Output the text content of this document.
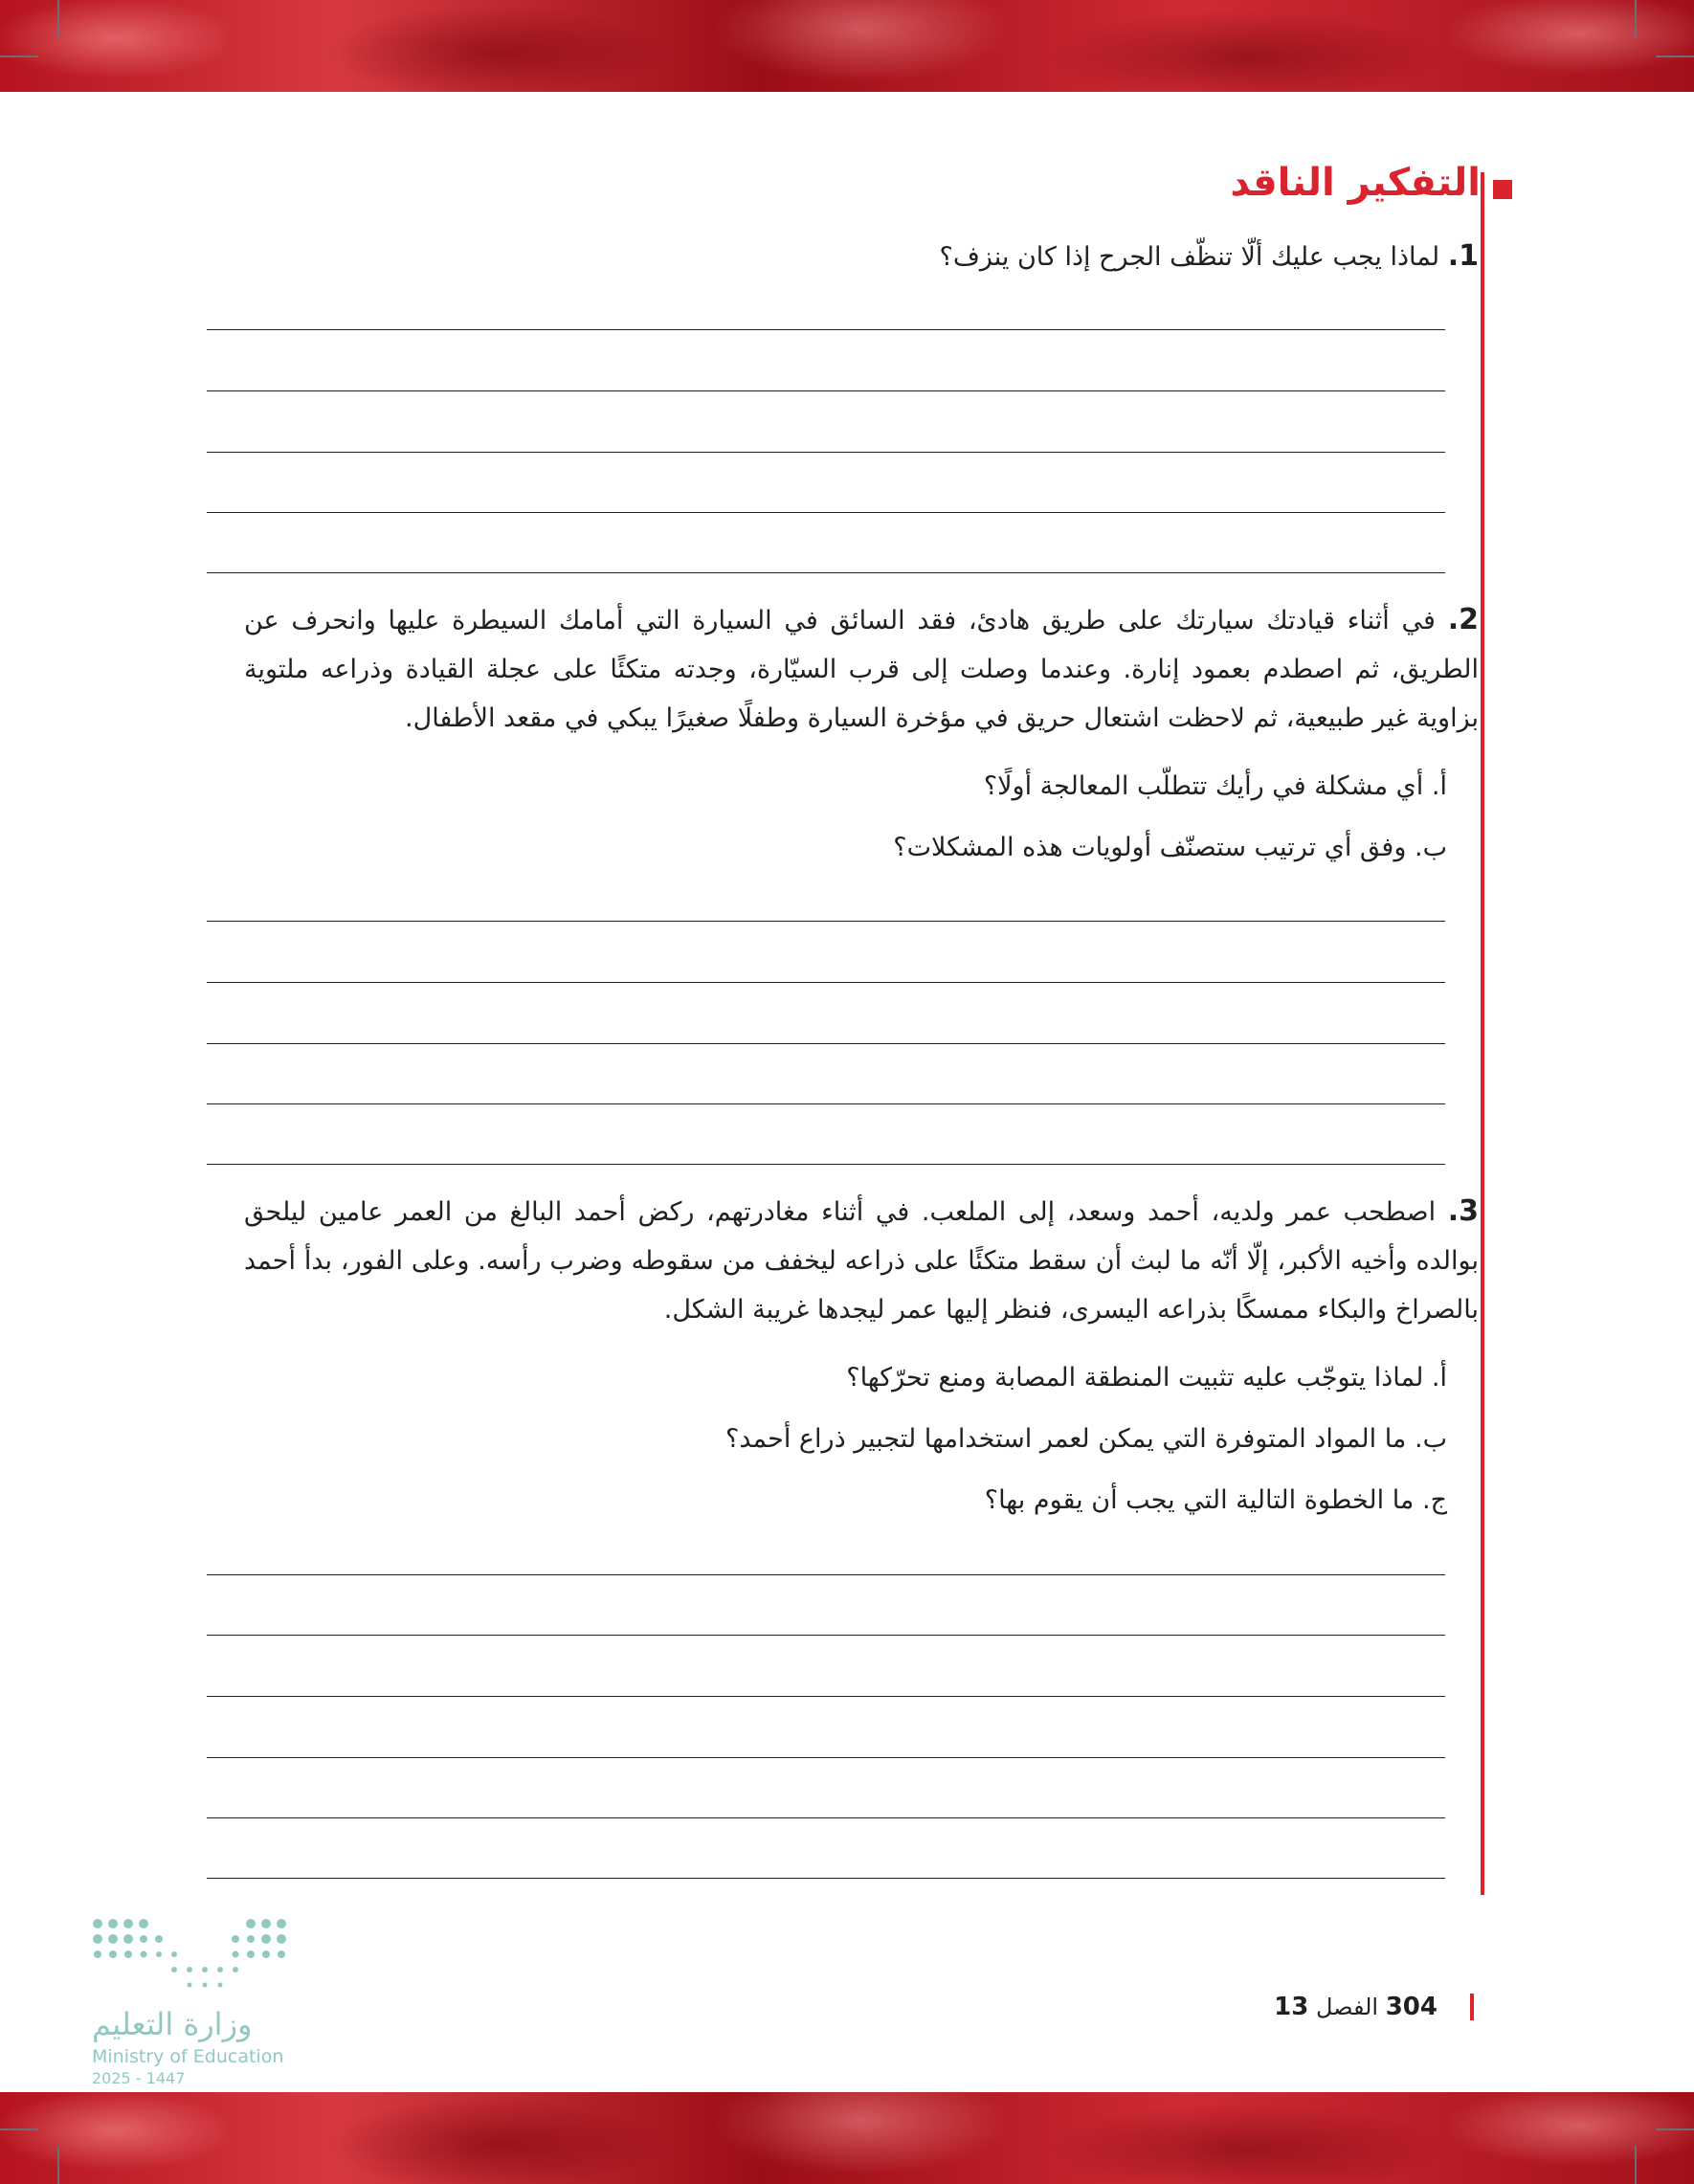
التفكير الناقد
1. لماذا يجب عليك ألّا تنظّف الجرح إذا كان ينزف؟
2. في أثناء قيادتك سيارتك على طريق هادئ، فقد السائق في السيارة التي أمامك السيطرة عليها وانحرف عن الطريق، ثم اصطدم بعمود إنارة. وعندما وصلت إلى قرب السيّارة، وجدته متكئًا على عجلة القيادة وذراعه ملتوية بزاوية غير طبيعية، ثم لاحظت اشتعال حريق في مؤخرة السيارة وطفلًا صغيرًا يبكي في مقعد الأطفال.
أ. أي مشكلة في رأيك تتطلّب المعالجة أولًا؟
ب. وفق أي ترتيب ستصنّف أولويات هذه المشكلات؟
3. اصطحب عمر ولديه، أحمد وسعد، إلى الملعب. في أثناء مغادرتهم، ركض أحمد البالغ من العمر عامين ليلحق بوالده وأخيه الأكبر، إلّا أنّه ما لبث أن سقط متكئًا على ذراعه ليخفف من سقوطه وضرب رأسه. وعلى الفور، بدأ أحمد بالصراخ والبكاء ممسكًا بذراعه اليسرى، فنظر إليها عمر ليجدها غريبة الشكل.
أ. لماذا يتوجّب عليه تثبيت المنطقة المصابة ومنع تحرّكها؟
ب. ما المواد المتوفرة التي يمكن لعمر استخدامها لتجبير ذراع أحمد؟
ج. ما الخطوة التالية التي يجب أن يقوم بها؟
304 الفصل 13
وزارة التعليم
Ministry of Education
2025 - 1447
